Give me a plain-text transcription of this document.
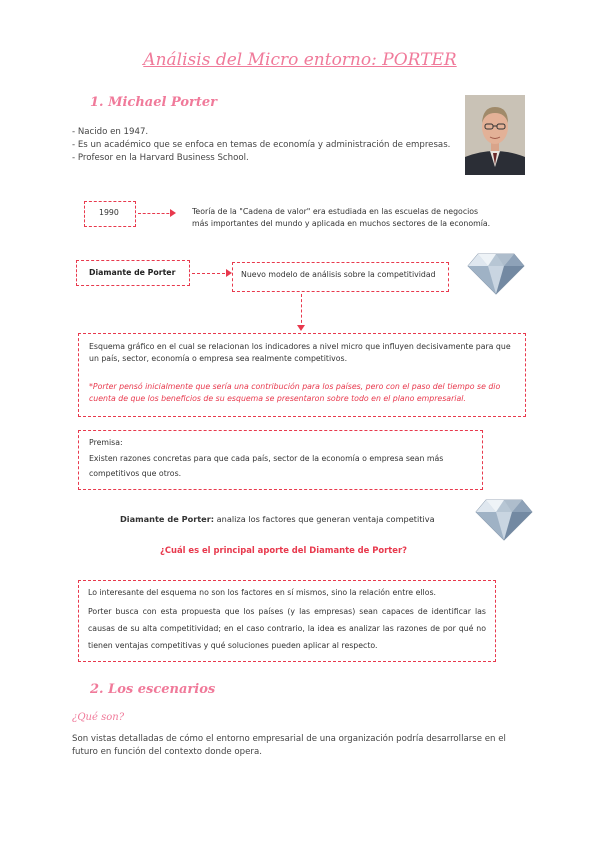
Análisis del Micro entorno: PORTER
1. Michael Porter
- Nacido en 1947.
- Es un académico que se enfoca en temas de economía y administración de empresas.
- Profesor en la Harvard Business School.
1990	Teoría de la "Cadena de valor" era estudiada en las escuelas de negocios más importantes del mundo y aplicada en muchos sectores de la economía.
Diamante de Porter	Nuevo modelo de análisis sobre la competitividad
Esquema gráfico en el cual se relacionan los indicadores a nivel micro que influyen decisivamente para que un país, sector, economía o empresa sea realmente competitivos.
*Porter pensó inicialmente que sería una contribución para los países, pero con el paso del tiempo se dio cuenta de que los beneficios de su esquema se presentaron sobre todo en el plano empresarial.
Premisa:
Existen razones concretas para que cada país, sector de la economía o empresa sean más competitivos que otros.
Diamante de Porter: analiza los factores que generan ventaja competitiva
¿Cuál es el principal aporte del Diamante de Porter?
Lo interesante del esquema no son los factores en sí mismos, sino la relación entre ellos.
Porter busca con esta propuesta que los países (y las empresas) sean capaces de identificar las causas de su alta competitividad; en el caso contrario, la idea es analizar las razones de por qué no tienen ventajas competitivas y qué soluciones pueden aplicar al respecto.
2. Los escenarios
¿Qué son?
Son vistas detalladas de cómo el entorno empresarial de una organización podría desarrollarse en el futuro en función del contexto donde opera.
